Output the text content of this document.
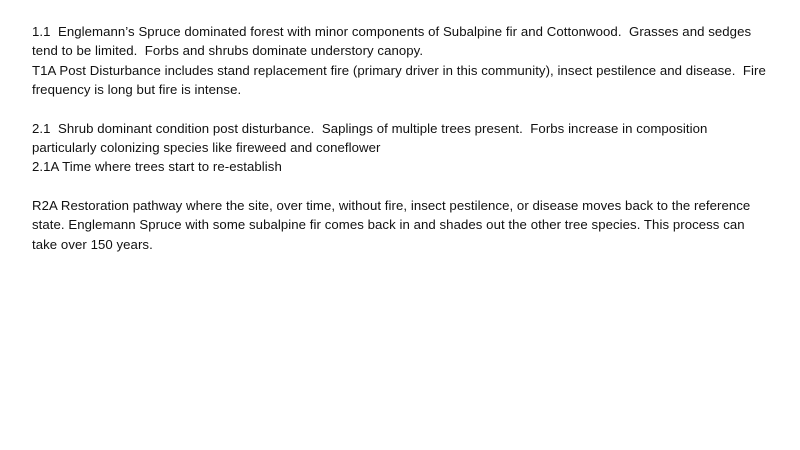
1.1  Englemann’s Spruce dominated forest with minor components of Subalpine fir and Cottonwood.  Grasses and sedges tend to be limited.  Forbs and shrubs dominate understory canopy.

T1A Post Disturbance includes stand replacement fire (primary driver in this community), insect pestilence and disease.  Fire frequency is long but fire is intense.

2.1  Shrub dominant condition post disturbance.  Saplings of multiple trees present.  Forbs increase in composition particularly colonizing species like fireweed and coneflower

2.1A Time where trees start to re-establish

R2A Restoration pathway where the site, over time, without fire, insect pestilence, or disease moves back to the reference state. Englemann Spruce with some subalpine fir comes back in and shades out the other tree species. This process can take over 150 years.
